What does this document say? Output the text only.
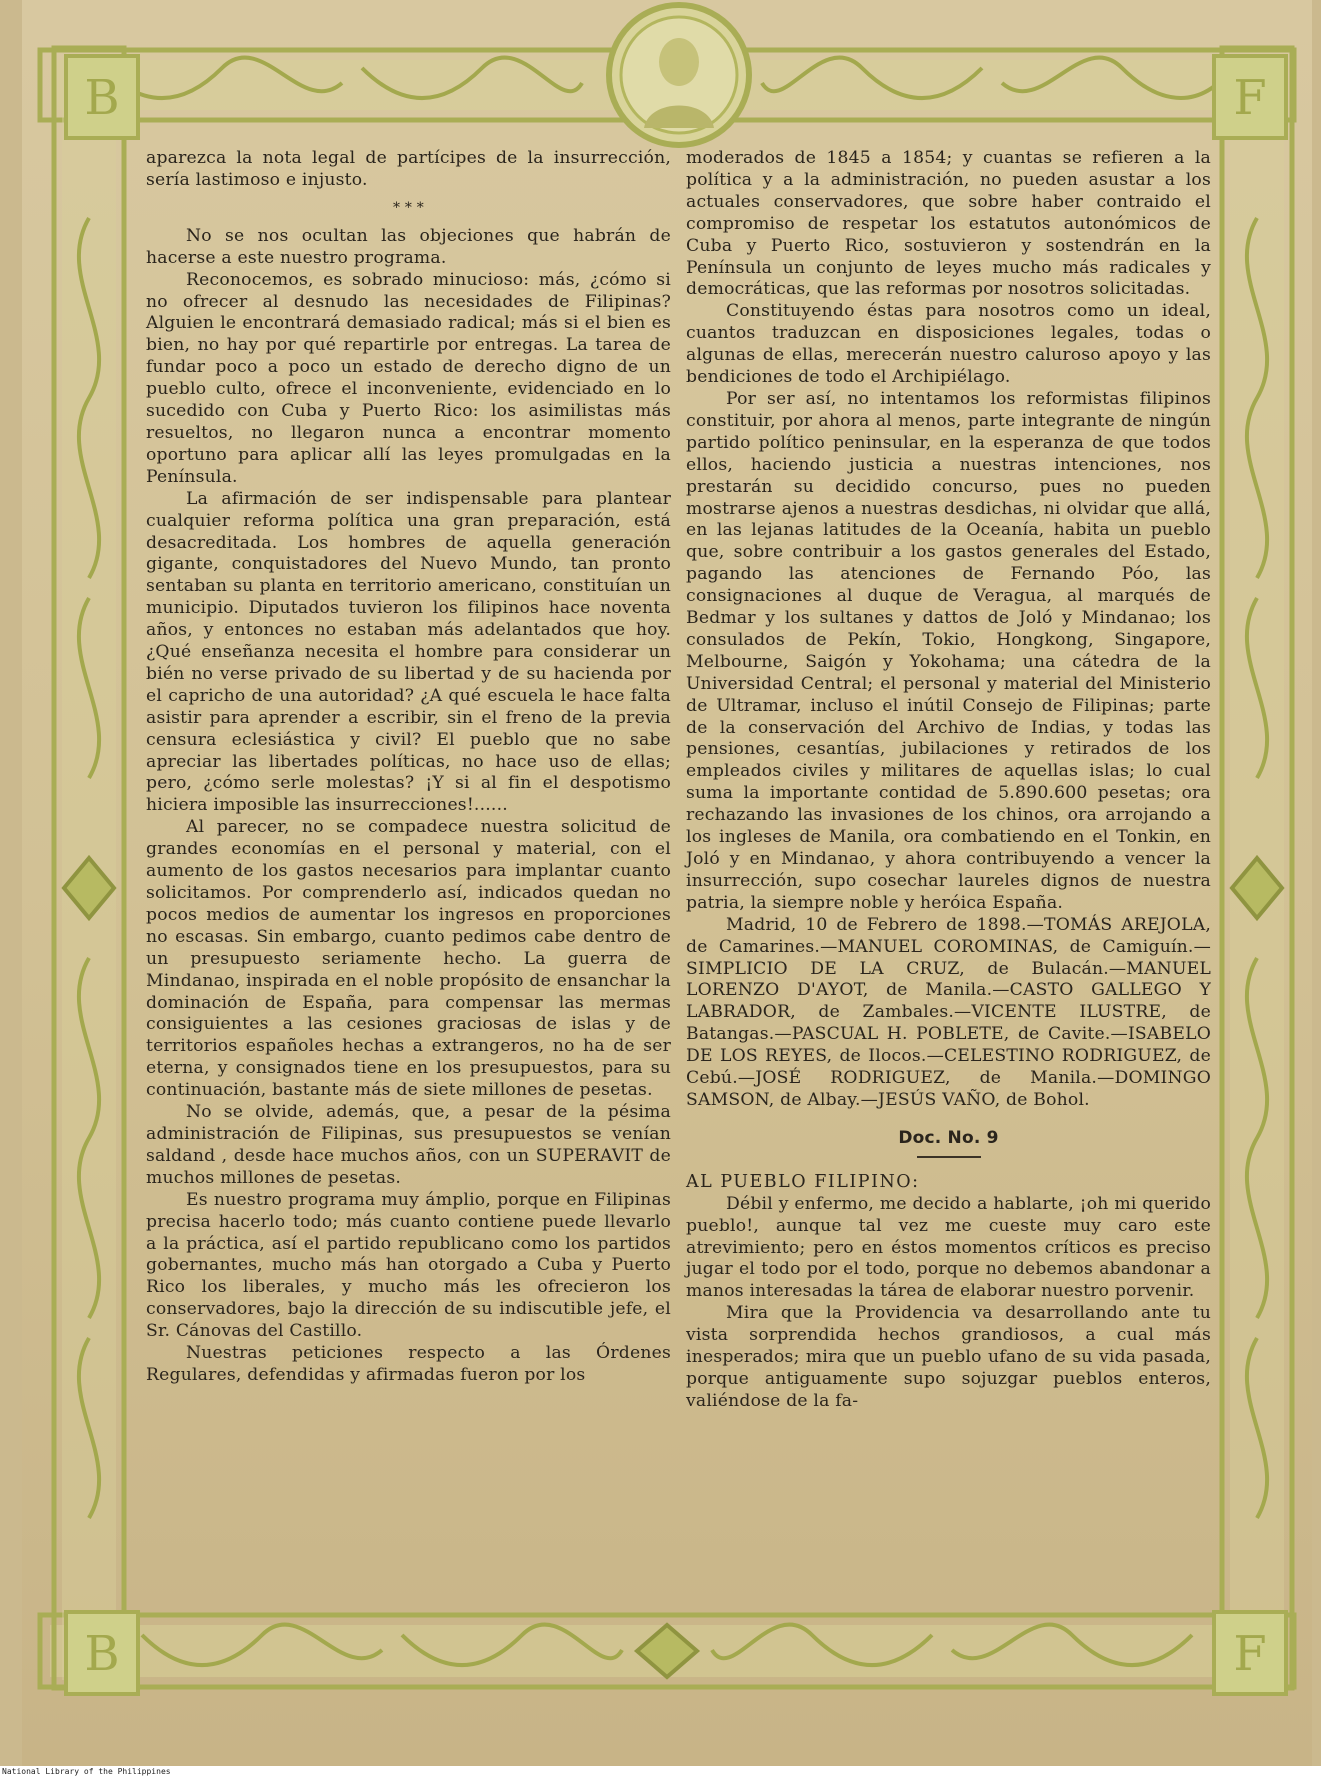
B	F
B	F

aparezca la nota legal de partícipes de la insurrección, sería lastimoso e injusto.

* * *

No se nos ocultan las objeciones que habrán de hacerse a este nuestro programa.

Reconocemos, es sobrado minucioso: más, ¿cómo si no ofrecer al desnudo las necesidades de Filipinas? Alguien le encontrará demasiado radical; más si el bien es bien, no hay por qué repartirle por entregas. La tarea de fundar poco a poco un estado de derecho digno de un pueblo culto, ofrece el inconveniente, evidenciado en lo sucedido con Cuba y Puerto Rico: los asimilistas más resueltos, no llegaron nunca a encontrar momento oportuno para aplicar allí las leyes promulgadas en la Península.

La afirmación de ser indispensable para plantear cualquier reforma política una gran preparación, está desacreditada. Los hombres de aquella generación gigante, conquistadores del Nuevo Mundo, tan pronto sentaban su planta en territorio americano, constituían un municipio. Diputados tuvieron los filipinos hace noventa años, y entonces no estaban más adelantados que hoy. ¿Qué enseñanza necesita el hombre para considerar un bién no verse privado de su libertad y de su hacienda por el capricho de una autoridad? ¿A qué escuela le hace falta asistir para aprender a escribir, sin el freno de la previa censura eclesiástica y civil? El pueblo que no sabe apreciar las libertades políticas, no hace uso de ellas; pero, ¿cómo serle molestas? ¡Y si al fin el despotismo hiciera imposible las insurrecciones!......

Al parecer, no se compadece nuestra solicitud de grandes economías en el personal y material, con el aumento de los gastos necesarios para implantar cuanto solicitamos. Por comprenderlo así, indicados quedan no pocos medios de aumentar los ingresos en proporciones no escasas. Sin embargo, cuanto pedimos cabe dentro de un presupuesto seriamente hecho. La guerra de Mindanao, inspirada en el noble propósito de ensanchar la dominación de España, para compensar las mermas consiguientes a las cesiones graciosas de islas y de territorios españoles hechas a extrangeros, no ha de ser eterna, y consignados tiene en los presupuestos, para su continuación, bastante más de siete millones de pesetas.

No se olvide, además, que, a pesar de la pésima administración de Filipinas, sus presupuestos se venían saldand , desde hace muchos años, con un SUPERAVIT de muchos millones de pesetas.

Es nuestro programa muy ámplio, porque en Filipinas precisa hacerlo todo; más cuanto contiene puede llevarlo a la práctica, así el partido republicano como los partidos gobernantes, mucho más han otorgado a Cuba y Puerto Rico los liberales, y mucho más les ofrecieron los conservadores, bajo la dirección de su indiscutible jefe, el Sr. Cánovas del Castillo.

Nuestras peticiones respecto a las Órdenes Regulares, defendidas y afirmadas fueron por los

moderados de 1845 a 1854; y cuantas se refieren a la política y a la administración, no pueden asustar a los actuales conservadores, que sobre haber contraido el compromiso de respetar los estatutos autonómicos de Cuba y Puerto Rico, sostuvieron y sostendrán en la Península un conjunto de leyes mucho más radicales y democráticas, que las reformas por nosotros solicitadas.

Constituyendo éstas para nosotros como un ideal, cuantos traduzcan en disposiciones legales, todas o algunas de ellas, merecerán nuestro caluroso apoyo y las bendiciones de todo el Archipiélago.

Por ser así, no intentamos los reformistas filipinos constituir, por ahora al menos, parte integrante de ningún partido político peninsular, en la esperanza de que todos ellos, haciendo justicia a nuestras intenciones, nos prestarán su decidido concurso, pues no pueden mostrarse ajenos a nuestras desdichas, ni olvidar que allá, en las lejanas latitudes de la Oceanía, habita un pueblo que, sobre contribuir a los gastos generales del Estado, pagando las atenciones de Fernando Póo, las consignaciones al duque de Veragua, al marqués de Bedmar y los sultanes y dattos de Joló y Mindanao; los consulados de Pekín, Tokio, Hongkong, Singapore, Melbourne, Saigón y Yokohama; una cátedra de la Universidad Central; el personal y material del Ministerio de Ultramar, incluso el inútil Consejo de Filipinas; parte de la conservación del Archivo de Indias, y todas las pensiones, cesantías, jubilaciones y retirados de los empleados civiles y militares de aquellas islas; lo cual suma la importante contidad de 5.890.600 pesetas; ora rechazando las invasiones de los chinos, ora arrojando a los ingleses de Manila, ora combatiendo en el Tonkin, en Joló y en Mindanao, y ahora contribuyendo a vencer la insurrección, supo cosechar laureles dignos de nuestra patria, la siempre noble y heróica España.

Madrid, 10 de Febrero de 1898.—TOMÁS AREJOLA, de Camarines.—MANUEL COROMINAS, de Camiguín.—SIMPLICIO DE LA CRUZ, de Bulacán.—MANUEL LORENZO D'AYOT, de Manila.—CASTO GALLEGO Y LABRADOR, de Zambales.—VICENTE ILUSTRE, de Batangas.—PASCUAL H. POBLETE, de Cavite.—ISABELO DE LOS REYES, de Ilocos.—CELESTINO RODRIGUEZ, de Cebú.—JOSÉ RODRIGUEZ, de Manila.—DOMINGO SAMSON, de Albay.—JESÚS VAÑO, de Bohol.

Doc. No. 9

AL PUEBLO FILIPINO:

Débil y enfermo, me decido a hablarte, ¡oh mi querido pueblo!, aunque tal vez me cueste muy caro este atrevimiento; pero en éstos momentos críticos es preciso jugar el todo por el todo, porque no debemos abandonar a manos interesadas la tárea de elaborar nuestro porvenir.

Mira que la Providencia va desarrollando ante tu vista sorprendida hechos grandiosos, a cual más inesperados; mira que un pueblo ufano de su vida pasada, porque antiguamente supo sojuzgar pueblos enteros, valiéndose de la fa-

National Library of the Philippines
